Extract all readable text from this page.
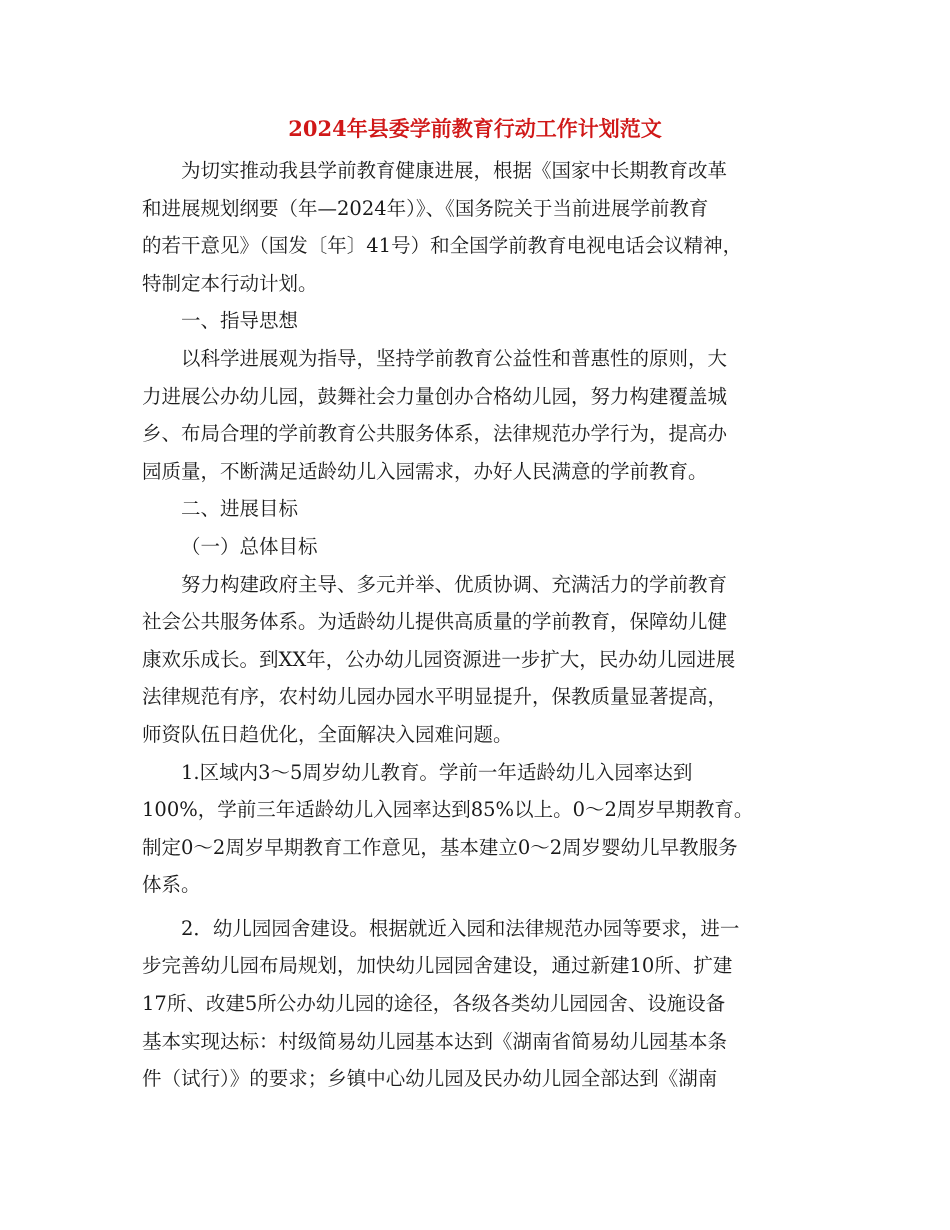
2024年县委学前教育行动工作计划范文

为切实推动我县学前教育健康进展，根据《国家中长期教育改革
和进展规划纲要（年—2024年）》、《国务院关于当前进展学前教育
的若干意见》（国发〔年〕41号）和全国学前教育电视电话会议精神，
特制定本行动计划。

一、指导思想

以科学进展观为指导，坚持学前教育公益性和普惠性的原则，大
力进展公办幼儿园，鼓舞社会力量创办合格幼儿园，努力构建覆盖城
乡、布局合理的学前教育公共服务体系，法律规范办学行为，提高办
园质量，不断满足适龄幼儿入园需求，办好人民满意的学前教育。

二、进展目标

（一）总体目标

努力构建政府主导、多元并举、优质协调、充满活力的学前教育
社会公共服务体系。为适龄幼儿提供高质量的学前教育，保障幼儿健
康欢乐成长。到XX年，公办幼儿园资源进一步扩大，民办幼儿园进展
法律规范有序，农村幼儿园办园水平明显提升，保教质量显著提高，
师资队伍日趋优化，全面解决入园难问题。

1.区域内3～5周岁幼儿教育。学前一年适龄幼儿入园率达到
100%，学前三年适龄幼儿入园率达到85%以上。0～2周岁早期教育。
制定0～2周岁早期教育工作意见，基本建立0～2周岁婴幼儿早教服务
体系。

2．幼儿园园舍建设。根据就近入园和法律规范办园等要求，进一
步完善幼儿园布局规划，加快幼儿园园舍建设，通过新建10所、扩建
17所、改建5所公办幼儿园的途径，各级各类幼儿园园舍、设施设备
基本实现达标：村级简易幼儿园基本达到《湖南省简易幼儿园基本条
件（试行）》的要求；乡镇中心幼儿园及民办幼儿园全部达到《湖南
